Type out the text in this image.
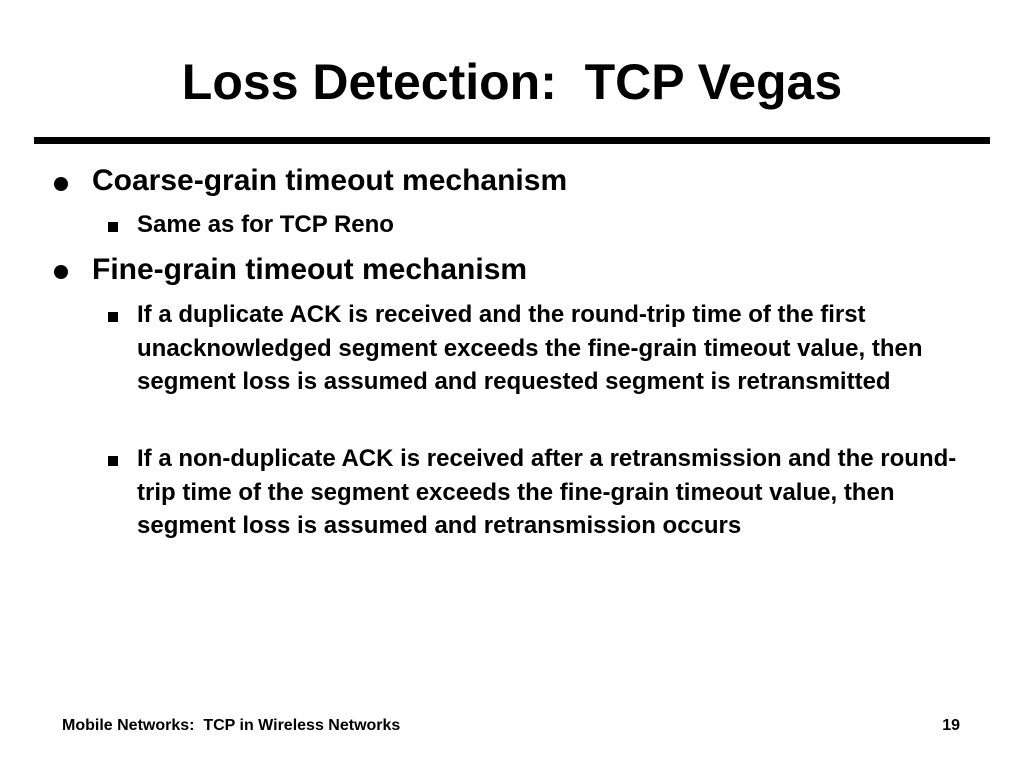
Loss Detection:  TCP Vegas
Coarse-grain timeout mechanism
Same as for TCP Reno
Fine-grain timeout mechanism
If a duplicate ACK is received and the round-trip time of the first unacknowledged segment exceeds the fine-grain timeout value, then segment loss is assumed and requested segment is retransmitted
If a non-duplicate ACK is received after a retransmission and the round-trip time of the segment exceeds the fine-grain timeout value, then segment loss is assumed and retransmission occurs
Mobile Networks:  TCP in Wireless Networks	19
